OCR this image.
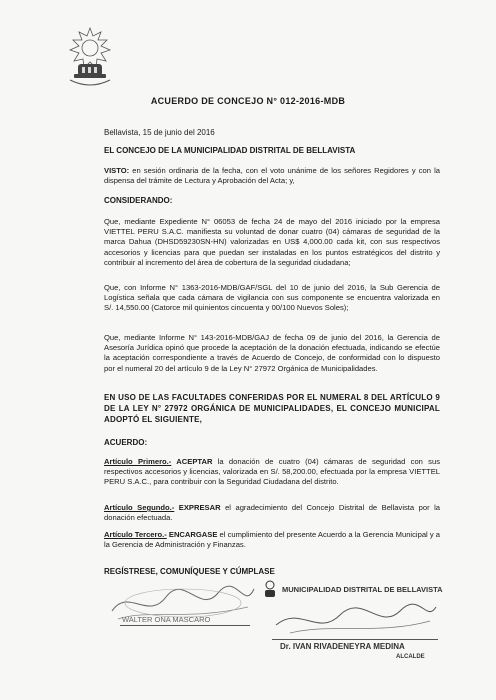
ACUERDO DE CONCEJO N° 012-2016-MDB
Bellavista, 15 de junio del 2016
EL CONCEJO DE LA MUNICIPALIDAD DISTRITAL DE BELLAVISTA
VISTO: en sesión ordinaria de la fecha, con el voto unánime de los señores Regidores y con la dispensa del trámite de Lectura y Aprobación del Acta; y,
CONSIDERANDO:
Que, mediante Expediente N° 06053 de fecha 24 de mayo del 2016 iniciado por la empresa VIETTEL PERU S.A.C. manifiesta su voluntad de donar cuatro (04) cámaras de seguridad de la marca Dahua (DHSD59230SN-HN) valorizadas en US$ 4,000.00 cada kit, con sus respectivos accesorios y licencias para que puedan ser instaladas en los puntos estratégicos del distrito y contribuir al incremento del área de cobertura de la seguridad ciudadana;
Que, con Informe N° 1363-2016-MDB/GAF/SGL del 10 de junio del 2016, la Sub Gerencia de Logística señala que cada cámara de vigilancia con sus componente se encuentra valorizada en S/. 14,550.00 (Catorce mil quinientos cincuenta y 00/100 Nuevos Soles);
Que, mediante Informe N° 143-2016-MDB/GAJ de fecha 09 de junio del 2016, la Gerencia de Asesoría Jurídica opinó que procede la aceptación de la donación efectuada, indicando se efectúe la aceptación correspondiente a través de Acuerdo de Concejo, de conformidad con lo dispuesto por el numeral 20 del artículo 9 de la Ley N° 27972 Orgánica de Municipalidades.
EN USO DE LAS FACULTADES CONFERIDAS POR EL NUMERAL 8 DEL ARTÍCULO 9 DE LA LEY N° 27972 ORGÁNICA DE MUNICIPALIDADES, EL CONCEJO MUNICIPAL ADOPTÓ EL SIGUIENTE,
ACUERDO:
Artículo Primero.- ACEPTAR la donación de cuatro (04) cámaras de seguridad con sus respectivos accesorios y licencias, valorizada en S/. 58,200.00, efectuada por la empresa VIETTEL PERU S.A.C., para contribuir con la Seguridad Ciudadana del distrito.
Artículo Segundo.- EXPRESAR el agradecimiento del Concejo Distrital de Bellavista por la donación efectuada.
Artículo Tercero.- ENCARGASE el cumplimiento del presente Acuerdo a la Gerencia Municipal y a la Gerencia de Administración y Finanzas.
REGÍSTRESE, COMUNÍQUESE Y CÚMPLASE
WALTER ONA MASCARO
MUNICIPALIDAD DISTRITAL DE BELLAVISTA
Dr. IVAN RIVADENEYRA MEDINA
ALCALDE
